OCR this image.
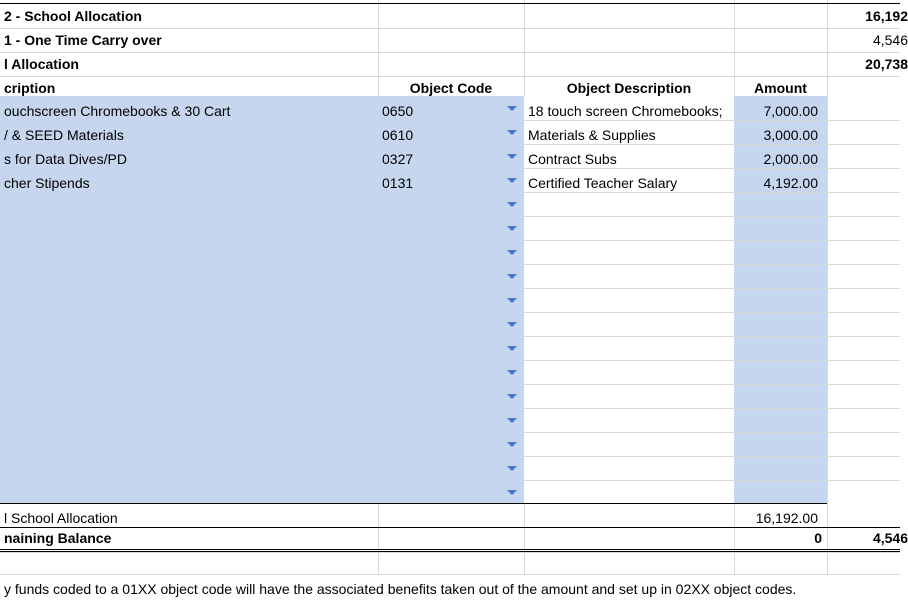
2 - School Allocation	16,192
1 - One Time Carry over	4,546
l Allocation	20,738
cription	Object Code	Object Description	Amount
ouchscreen Chromebooks & 30 Cart	0650	18 touch screen Chromebooks;	7,000.00
/ & SEED Materials	0610	Materials & Supplies	3,000.00
s for Data Dives/PD	0327	Contract Subs	2,000.00
cher Stipends	0131	Certified Teacher Salary	4,192.00
l School Allocation	16,192.00
naining Balance	0	4,546
y funds coded to a 01XX object code will have the associated benefits taken out of the amount and set up in 02XX object codes.
